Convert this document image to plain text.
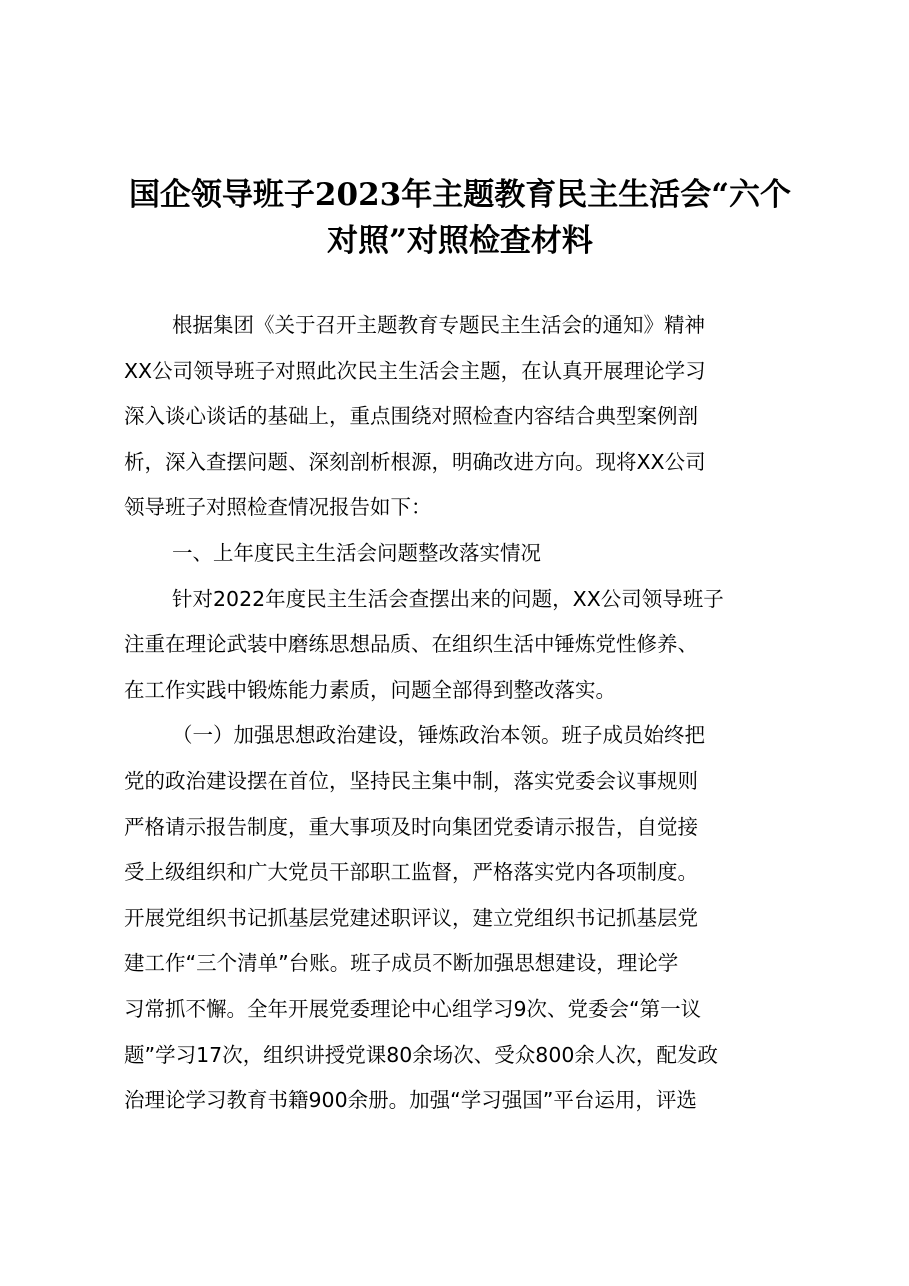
国企领导班子2023年主题教育民主生活会“六个
对照”对照检查材料
根据集团《关于召开主题教育专题民主生活会的通知》精神
XX公司领导班子对照此次民主生活会主题，在认真开展理论学习
深入谈心谈话的基础上，重点围绕对照检查内容结合典型案例剖
析，深入查摆问题、深刻剖析根源，明确改进方向。现将XX公司
领导班子对照检查情况报告如下：
一、上年度民主生活会问题整改落实情况
针对2022年度民主生活会查摆出来的问题，XX公司领导班子
注重在理论武装中磨练思想品质、在组织生活中锤炼党性修养、
在工作实践中锻炼能力素质，问题全部得到整改落实。
（一）加强思想政治建设，锤炼政治本领。班子成员始终把
党的政治建设摆在首位，坚持民主集中制，落实党委会议事规则
严格请示报告制度，重大事项及时向集团党委请示报告，自觉接
受上级组织和广大党员干部职工监督，严格落实党内各项制度。
开展党组织书记抓基层党建述职评议，建立党组织书记抓基层党
建工作“三个清单”台账。班子成员不断加强思想建设，理论学
习常抓不懈。全年开展党委理论中心组学习9次、党委会“第一议
题”学习17次，组织讲授党课80余场次、受众800余人次，配发政
治理论学习教育书籍900余册。加强“学习强国”平台运用，评选
